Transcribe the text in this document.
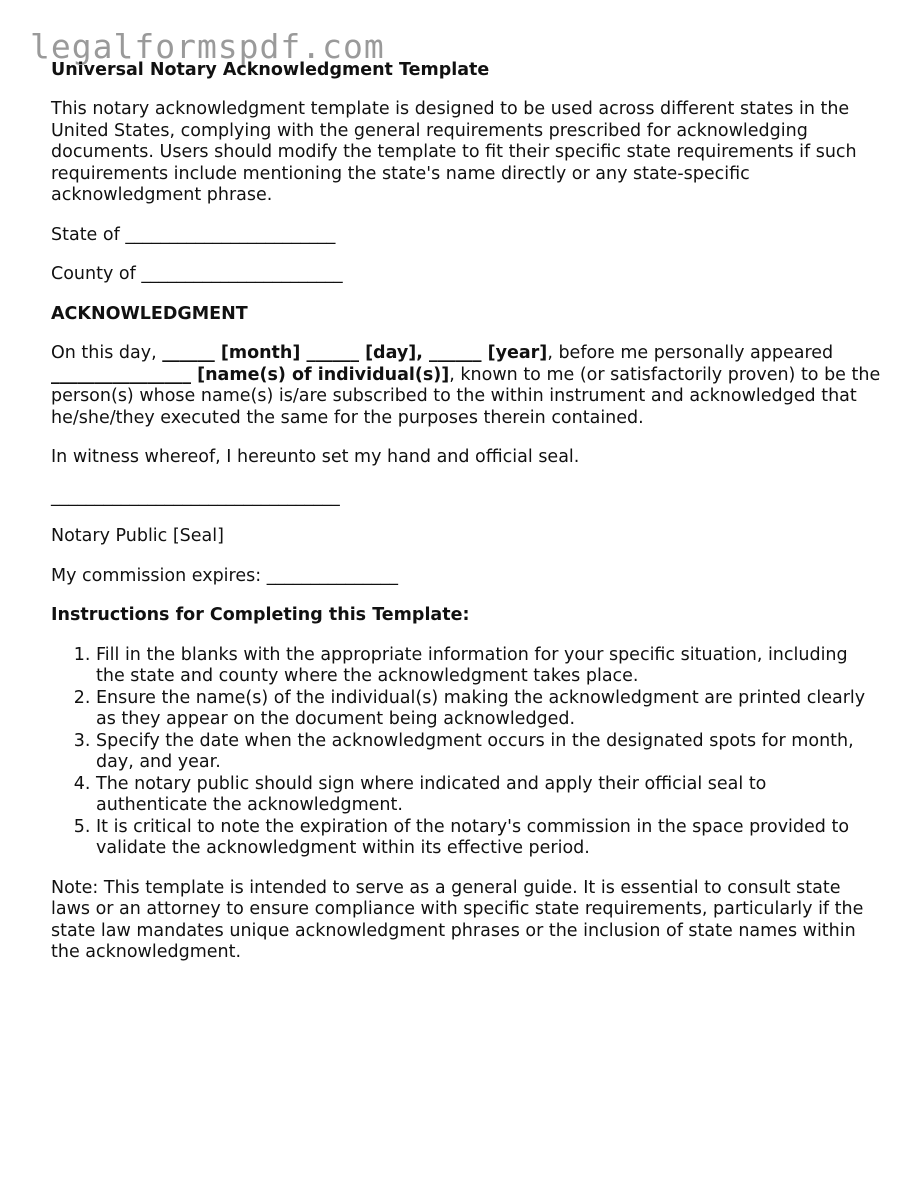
legalformspdf.com

Universal Notary Acknowledgment Template

This notary acknowledgment template is designed to be used across different states in the United States, complying with the general requirements prescribed for acknowledging documents. Users should modify the template to fit their specific state requirements if such requirements include mentioning the state's name directly or any state-specific acknowledgment phrase.

State of ________________________

County of _______________________

ACKNOWLEDGMENT

On this day, ______ [month] ______ [day], ______ [year], before me personally appeared ________________ [name(s) of individual(s)], known to me (or satisfactorily proven) to be the person(s) whose name(s) is/are subscribed to the within instrument and acknowledged that he/she/they executed the same for the purposes therein contained.

In witness whereof, I hereunto set my hand and official seal.

_________________________________

Notary Public [Seal]

My commission expires: _______________

Instructions for Completing this Template:

1. Fill in the blanks with the appropriate information for your specific situation, including the state and county where the acknowledgment takes place.
2. Ensure the name(s) of the individual(s) making the acknowledgment are printed clearly as they appear on the document being acknowledged.
3. Specify the date when the acknowledgment occurs in the designated spots for month, day, and year.
4. The notary public should sign where indicated and apply their official seal to authenticate the acknowledgment.
5. It is critical to note the expiration of the notary's commission in the space provided to validate the acknowledgment within its effective period.

Note: This template is intended to serve as a general guide. It is essential to consult state laws or an attorney to ensure compliance with specific state requirements, particularly if the state law mandates unique acknowledgment phrases or the inclusion of state names within the acknowledgment.
